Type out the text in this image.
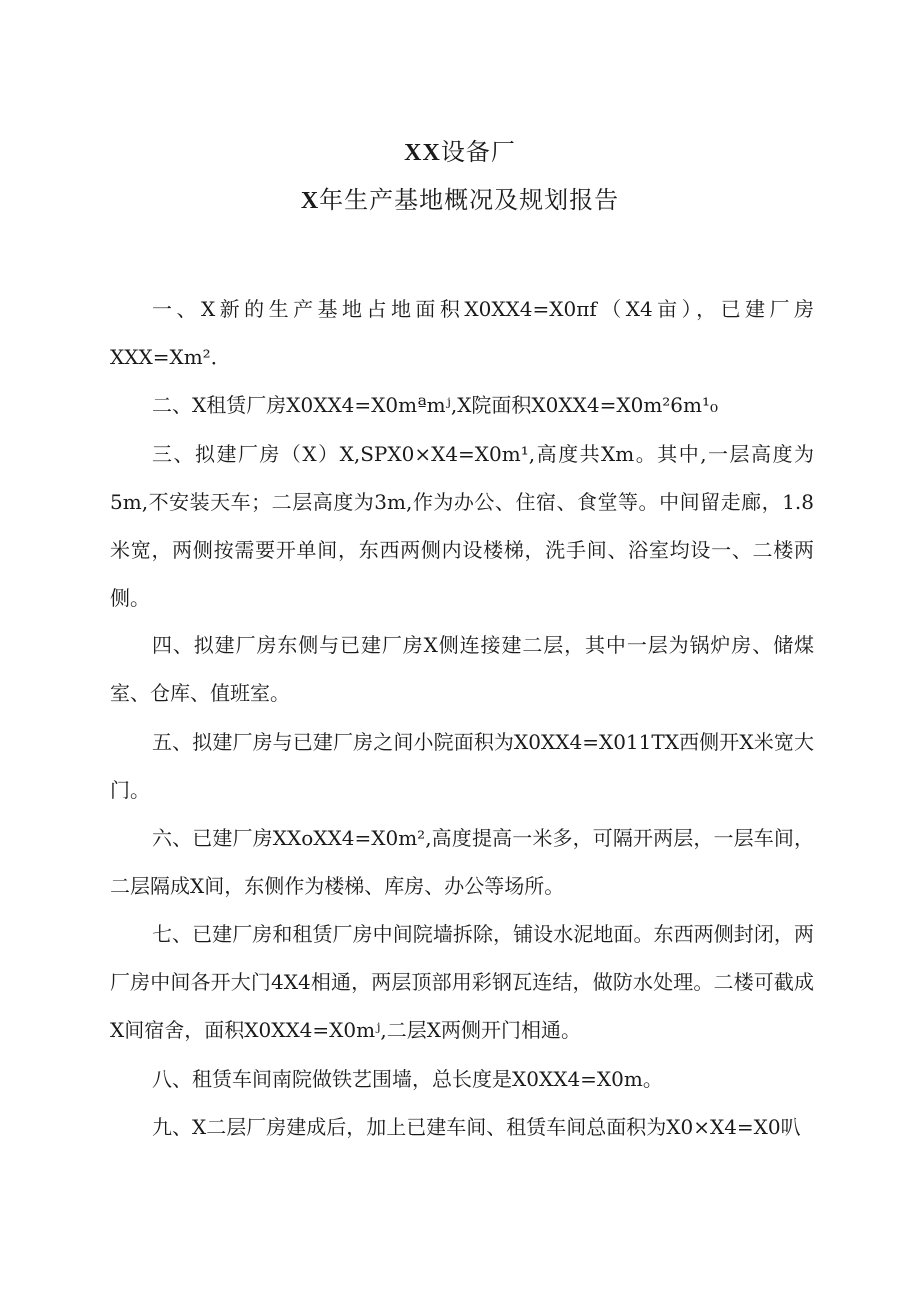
XX设备厂
X年生产基地概况及规划报告

一、X新的生产基地占地面积X0XX4=X0πf（X4亩），已建厂房XXX=Xm²．

二、X租赁厂房X0XX4=X0mªmʲ,X院面积X0XX4=X0m²6m¹₀

三、拟建厂房（X）X,SPX0×X4=X0m¹,高度共Xm。其中,一层高度为5m,不安装天车；二层高度为3m,作为办公、住宿、食堂等。中间留走廊，1.8米宽，两侧按需要开单间，东西两侧内设楼梯，洗手间、浴室均设一、二楼两侧。

四、拟建厂房东侧与已建厂房X侧连接建二层，其中一层为锅炉房、储煤室、仓库、值班室。

五、拟建厂房与已建厂房之间小院面积为X0XX4=X011TX西侧开X米宽大门。

六、已建厂房XXoXX4=X0m²,高度提高一米多，可隔开两层，一层车间，二层隔成X间，东侧作为楼梯、库房、办公等场所。

七、已建厂房和租赁厂房中间院墙拆除，铺设水泥地面。东西两侧封闭，两厂房中间各开大门4X4相通，两层顶部用彩钢瓦连结，做防水处理。二楼可截成X间宿舍，面积X0XX4=X0mʲ,二层X两侧开门相通。

八、租赁车间南院做铁艺围墙，总长度是X0XX4=X0m。

九、X二层厂房建成后，加上已建车间、租赁车间总面积为X0×X4=X0叭
